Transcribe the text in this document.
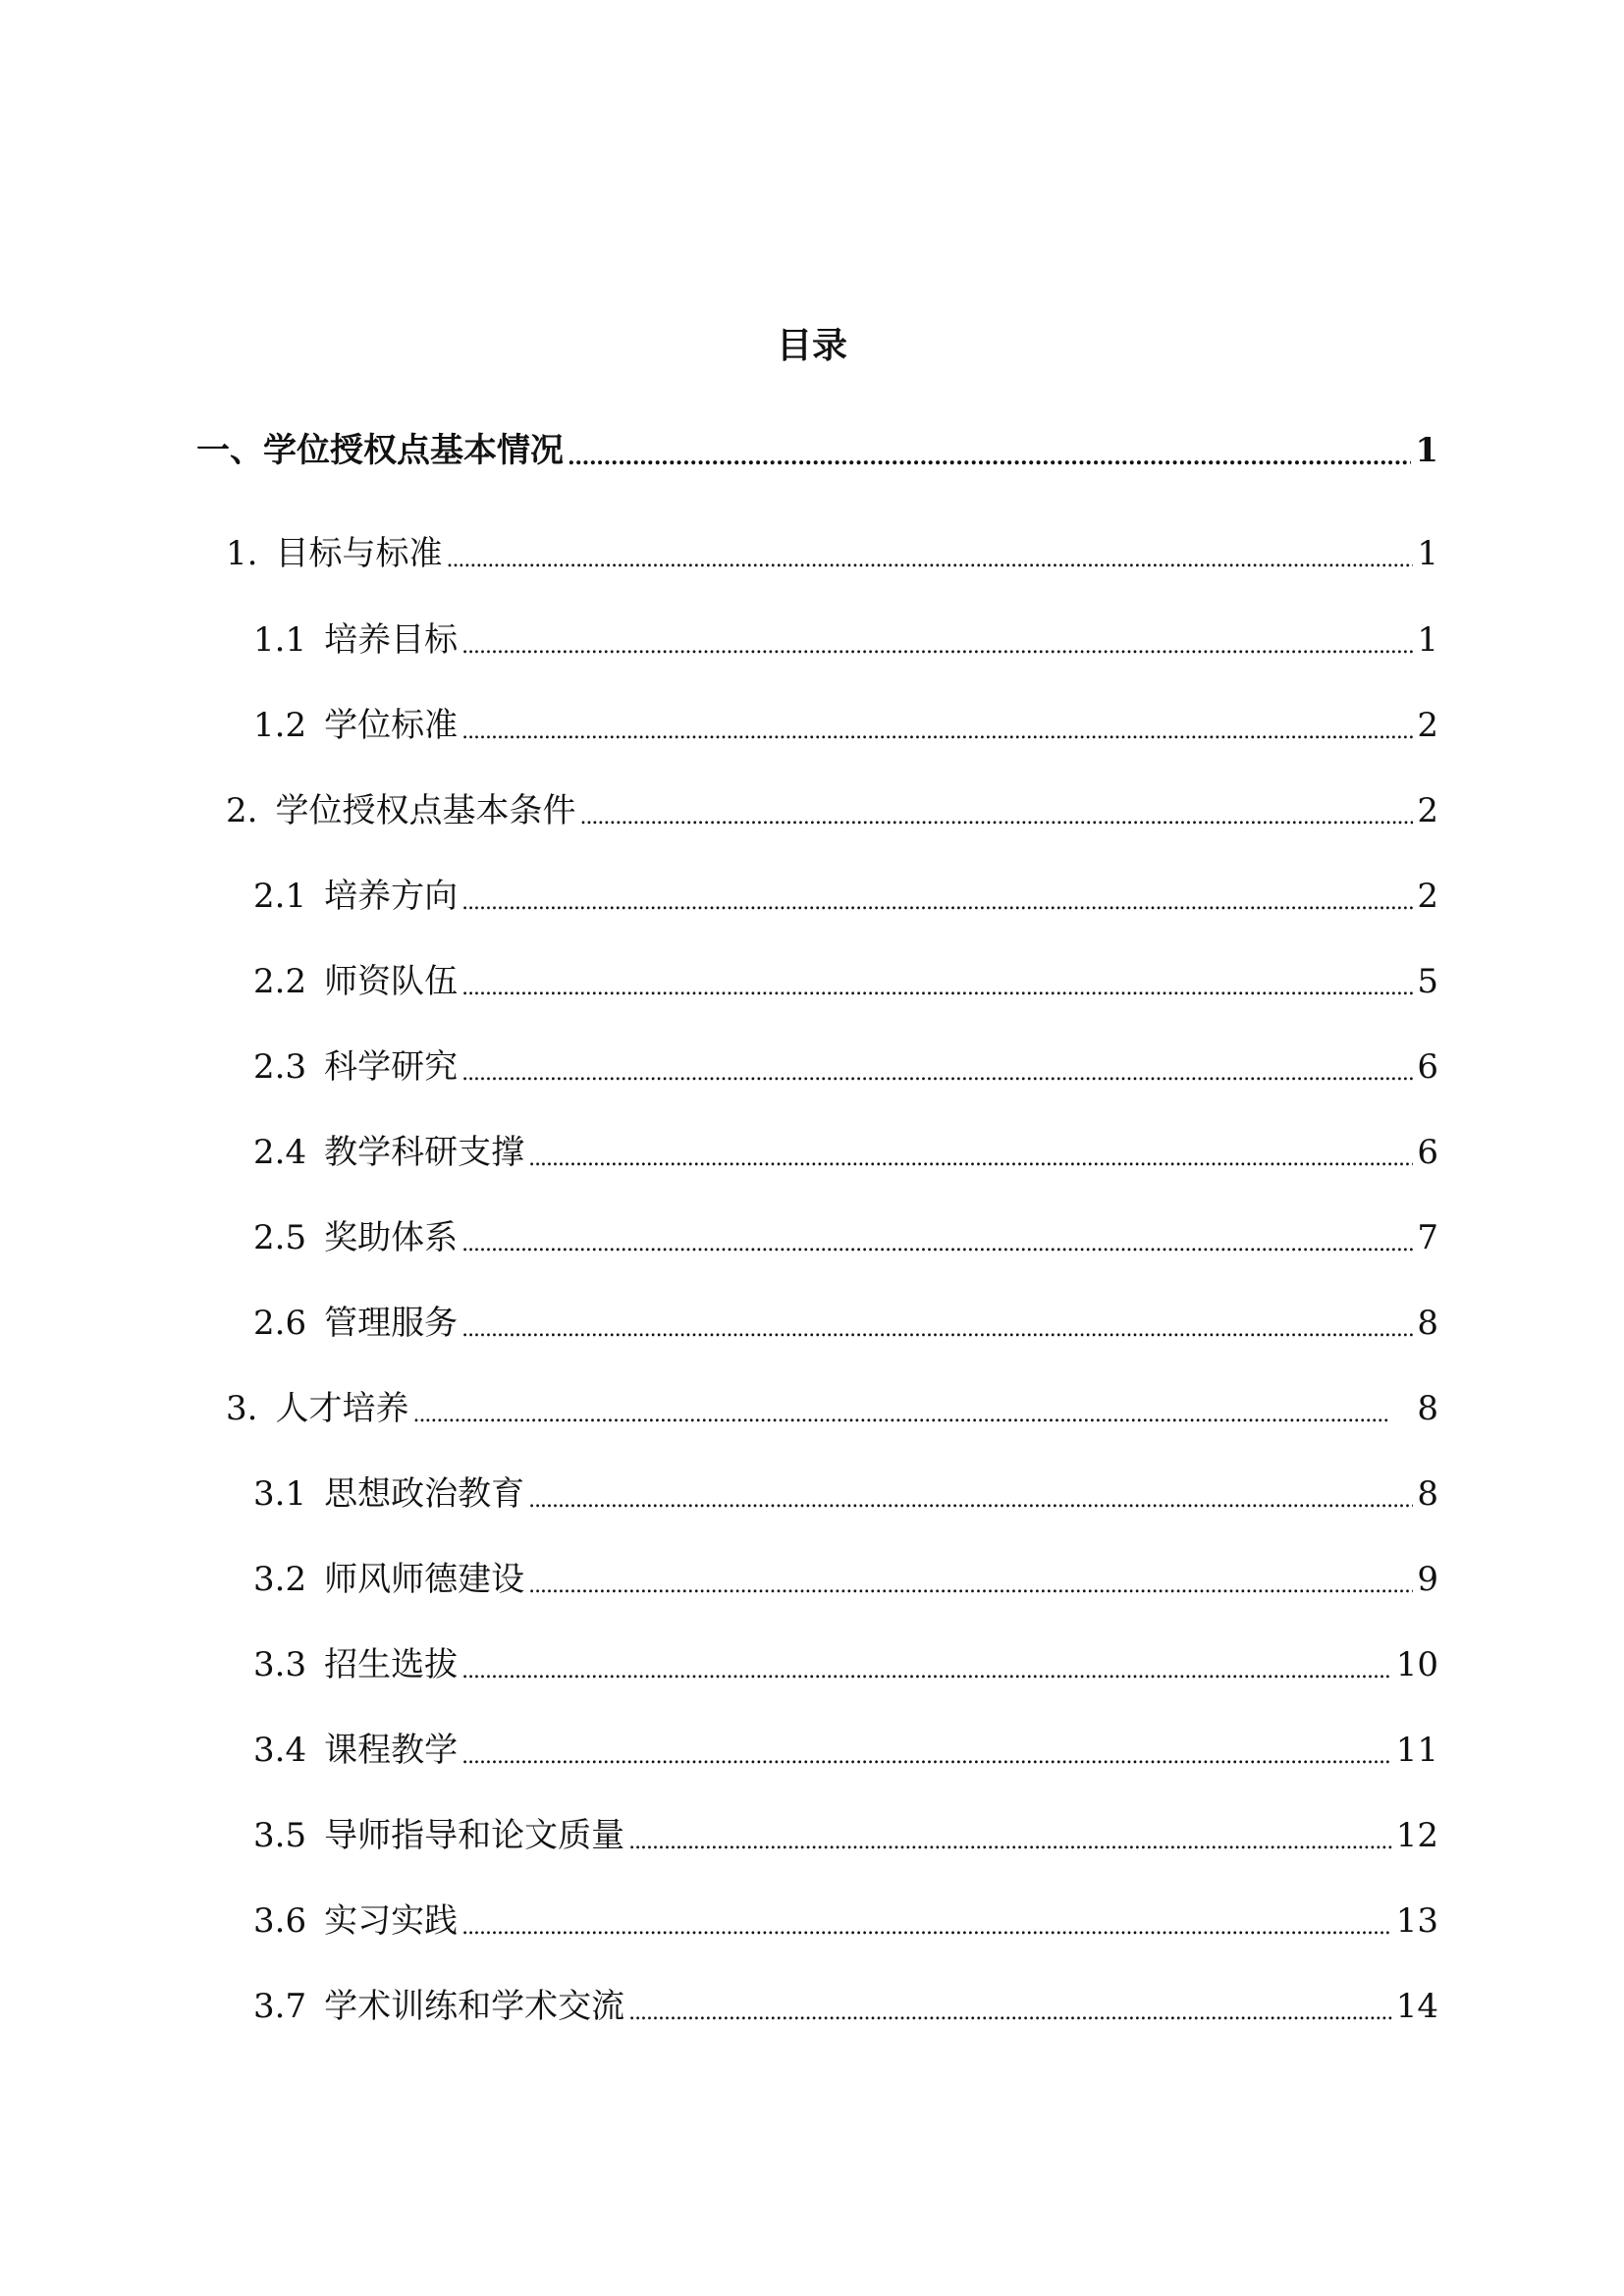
目录
一、学位授权点基本情况 . . .	1
1. 目标与标准 . . .	1
1.1 培养目标 . . .	1
1.2 学位标准 . . .	2
2. 学位授权点基本条件 . . .	2
2.1 培养方向 . . .	2
2.2 师资队伍 . . .	5
2.3 科学研究 . . .	6
2.4 教学科研支撑 . . .	6
2.5 奖助体系 . . .	7
2.6 管理服务 . . .	8
3. 人才培养 . . .	8
3.1 思想政治教育 . . .	8
3.2 师风师德建设 . . .	9
3.3 招生选拔 . . .	10
3.4 课程教学 . . .	11
3.5 导师指导和论文质量 . . .	12
3.6 实习实践 . . .	13
3.7 学术训练和学术交流 . . .	14
